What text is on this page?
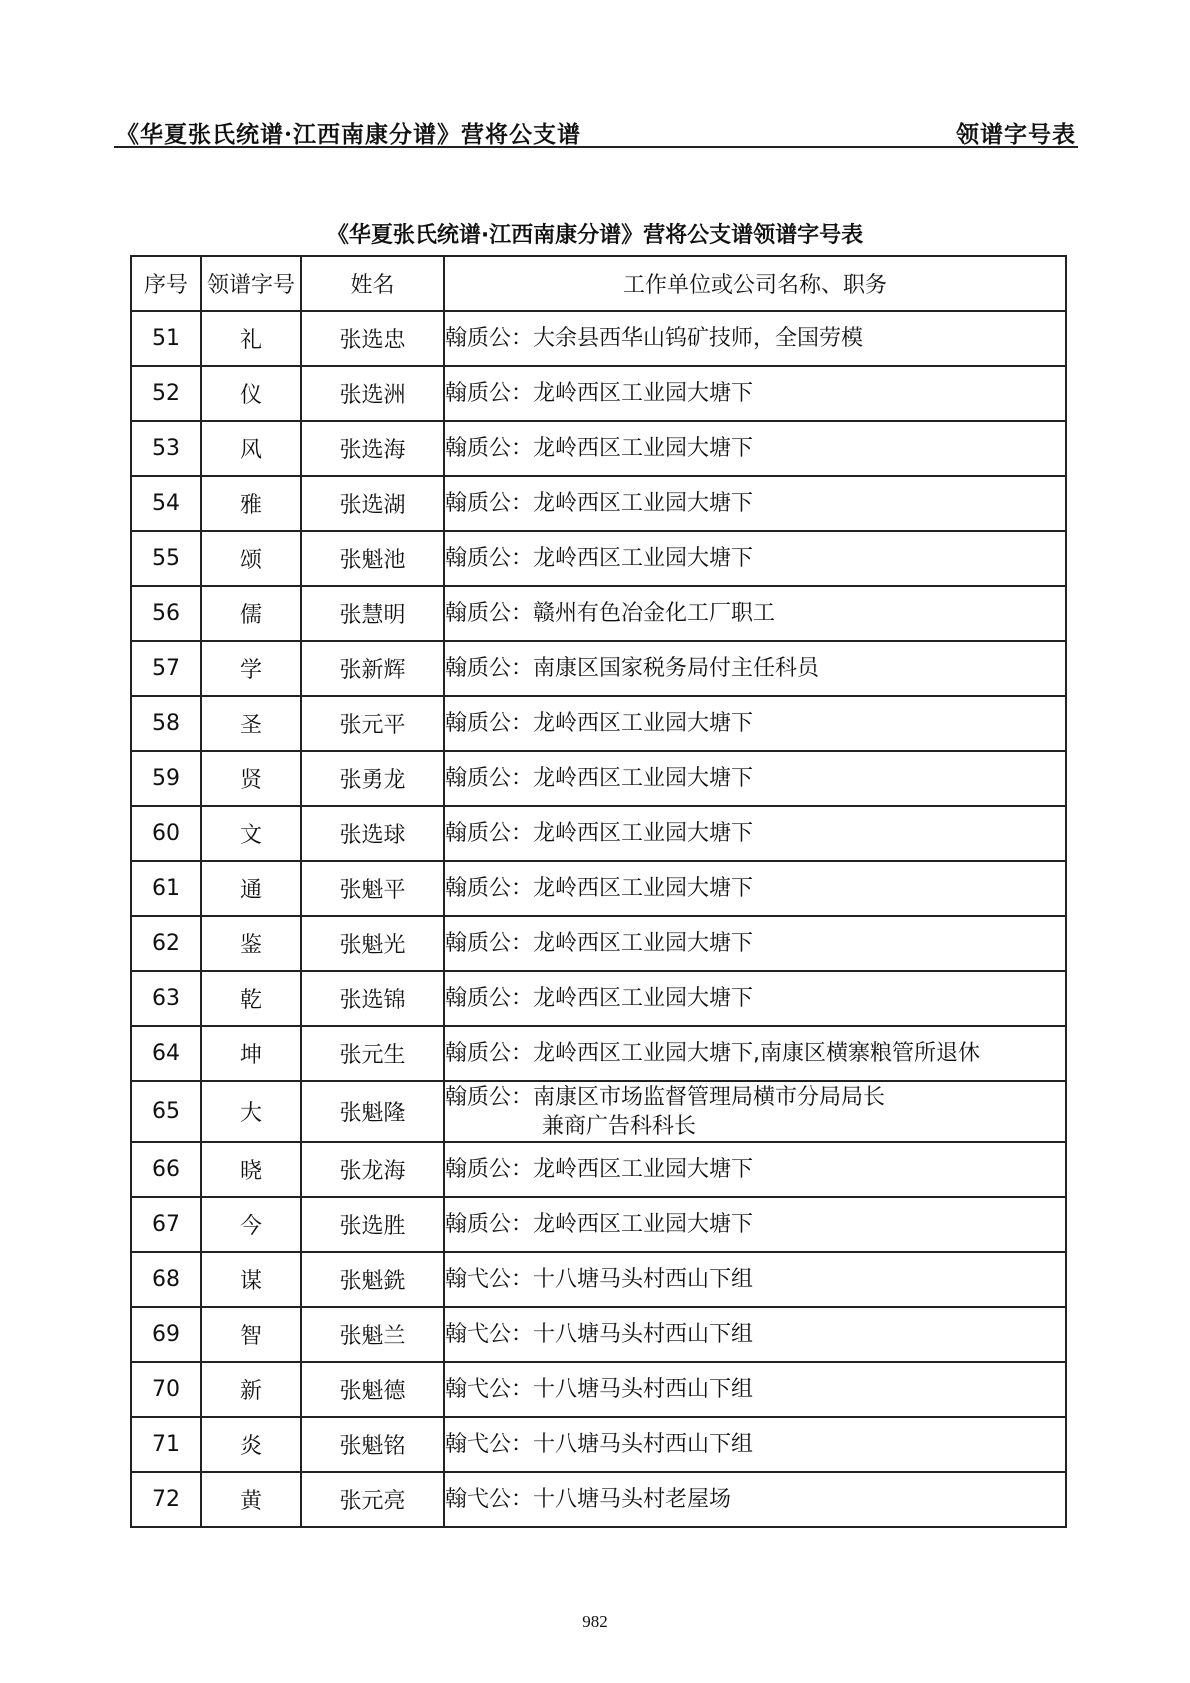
《华夏张氏统谱·江西南康分谱》营将公支谱	领谱字号表
《华夏张氏统谱·江西南康分谱》营将公支谱领谱字号表
序号	领谱字号	姓名	工作单位或公司名称、职务
51	礼	张选忠	翰质公：大余县西华山钨矿技师，全国劳模
52	仪	张选洲	翰质公：龙岭西区工业园大塘下
53	风	张选海	翰质公：龙岭西区工业园大塘下
54	雅	张选湖	翰质公：龙岭西区工业园大塘下
55	颂	张魁池	翰质公：龙岭西区工业园大塘下
56	儒	张慧明	翰质公：赣州有色冶金化工厂职工
57	学	张新辉	翰质公：南康区国家税务局付主任科员
58	圣	张元平	翰质公：龙岭西区工业园大塘下
59	贤	张勇龙	翰质公：龙岭西区工业园大塘下
60	文	张选球	翰质公：龙岭西区工业园大塘下
61	通	张魁平	翰质公：龙岭西区工业园大塘下
62	鉴	张魁光	翰质公：龙岭西区工业园大塘下
63	乾	张选锦	翰质公：龙岭西区工业园大塘下
64	坤	张元生	翰质公：龙岭西区工业园大塘下,南康区横寨粮管所退休
65	大	张魁隆	翰质公：南康区市场监督管理局横市分局局长
兼商广告科科长

66	晓	张龙海	翰质公：龙岭西区工业园大塘下
67	今	张选胜	翰质公：龙岭西区工业园大塘下
68	谋	张魁銑	翰弋公：十八塘马头村西山下组
69	智	张魁兰	翰弋公：十八塘马头村西山下组
70	新	张魁德	翰弋公：十八塘马头村西山下组
71	炎	张魁铭	翰弋公：十八塘马头村西山下组
72	黄	张元亮	翰弋公：十八塘马头村老屋场
982
